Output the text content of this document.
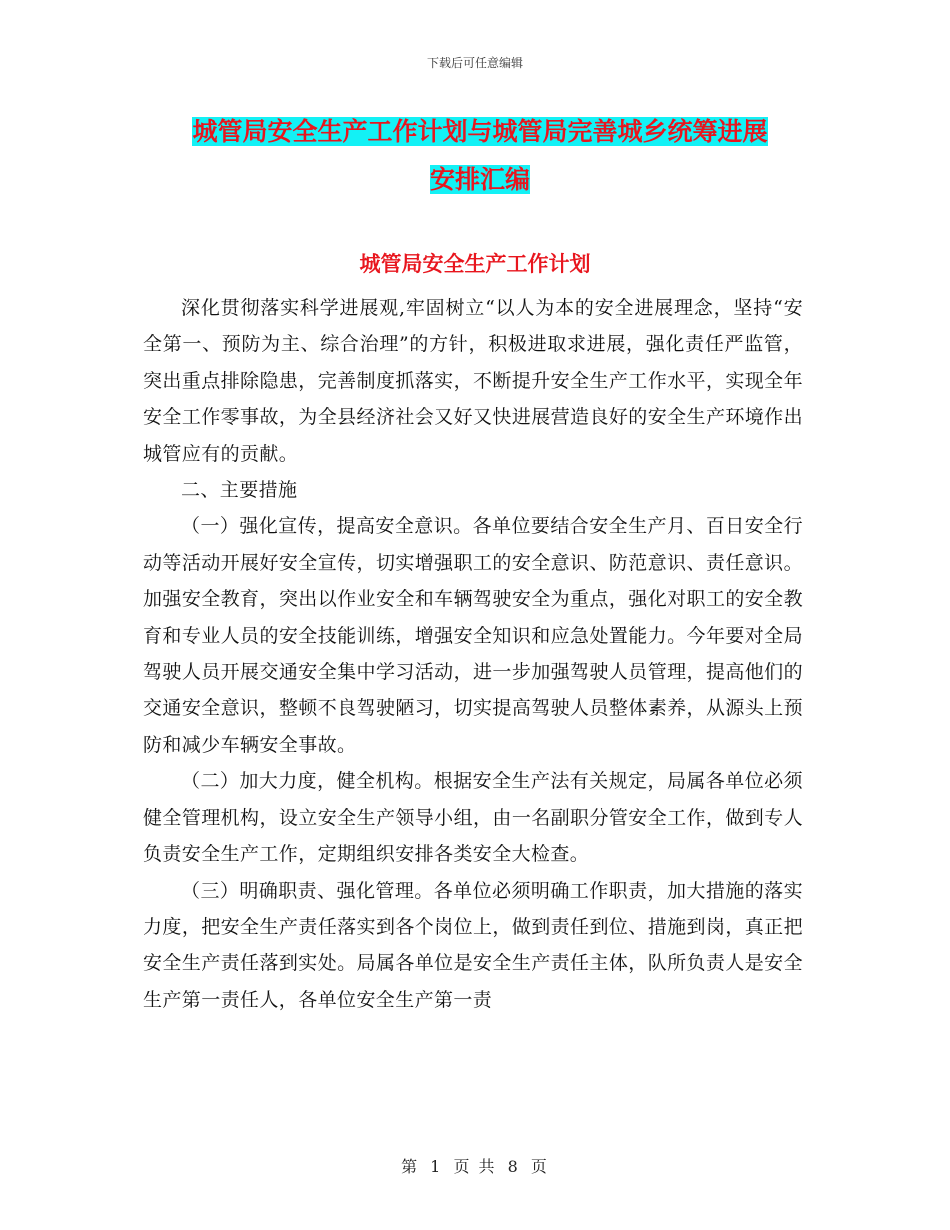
下载后可任意编辑
城管局安全生产工作计划与城管局完善城乡统筹进展
安排汇编
城管局安全生产工作计划

深化贯彻落实科学进展观,牢固树立“以人为本的安全进展理念，坚持“安全第一、预防为主、综合治理”的方针，积极进取求进展，强化责任严监管，突出重点排除隐患，完善制度抓落实，不断提升安全生产工作水平，实现全年安全工作零事故，为全县经济社会又好又快进展营造良好的安全生产环境作出城管应有的贡献。

二、主要措施

（一）强化宣传，提高安全意识。各单位要结合安全生产月、百日安全行动等活动开展好安全宣传，切实增强职工的安全意识、防范意识、责任意识。加强安全教育，突出以作业安全和车辆驾驶安全为重点，强化对职工的安全教育和专业人员的安全技能训练，增强安全知识和应急处置能力。今年要对全局驾驶人员开展交通安全集中学习活动，进一步加强驾驶人员管理，提高他们的交通安全意识，整顿不良驾驶陋习，切实提高驾驶人员整体素养，从源头上预防和减少车辆安全事故。

（二）加大力度，健全机构。根据安全生产法有关规定，局属各单位必须健全管理机构，设立安全生产领导小组，由一名副职分管安全工作，做到专人负责安全生产工作，定期组织安排各类安全大检查。

（三）明确职责、强化管理。各单位必须明确工作职责，加大措施的落实力度，把安全生产责任落实到各个岗位上，做到责任到位、措施到岗，真正把安全生产责任落到实处。局属各单位是安全生产责任主体，队所负责人是安全生产第一责任人，各单位安全生产第一责

第 1 页 共 8 页
